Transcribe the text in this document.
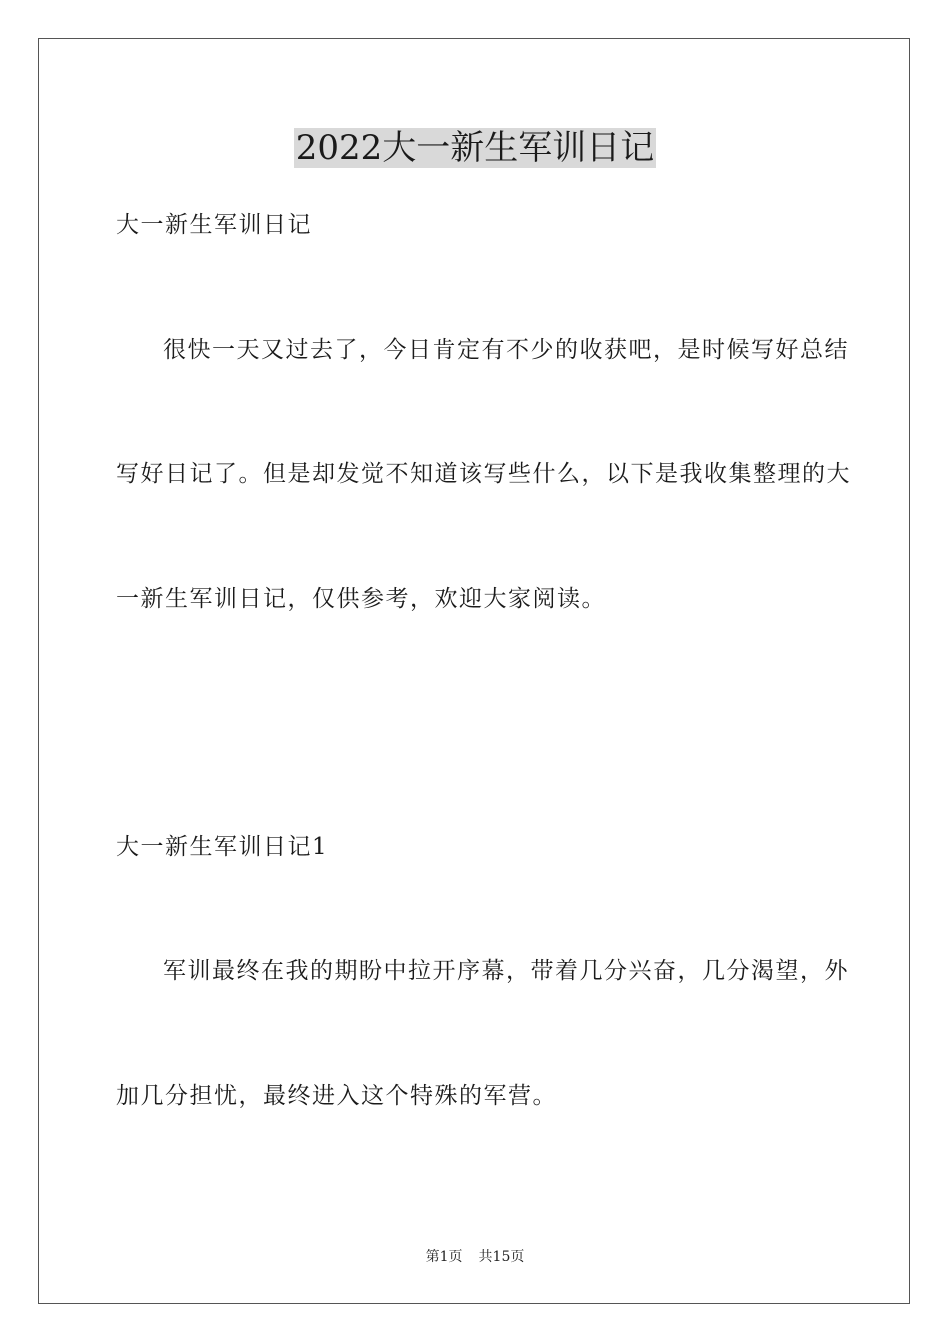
2022大一新生军训日记
大一新生军训日记
很快一天又过去了，今日肯定有不少的收获吧，是时候写好总结
写好日记了。但是却发觉不知道该写些什么，以下是我收集整理的大
一新生军训日记，仅供参考，欢迎大家阅读。
大一新生军训日记1
军训最终在我的期盼中拉开序幕，带着几分兴奋，几分渴望，外
加几分担忧，最终进入这个特殊的军营。
第1页 共15页
